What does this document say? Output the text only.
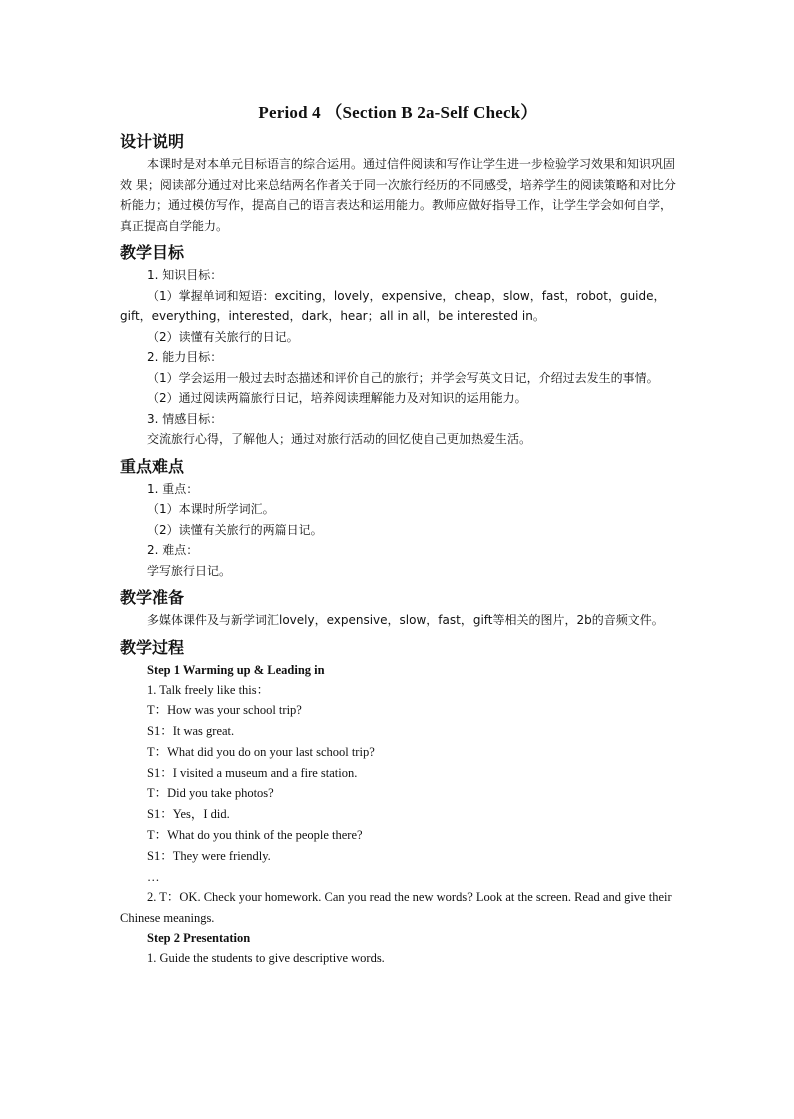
Period 4 （Section B 2a-Self Check）
设计说明

本课时是对本单元目标语言的综合运用。通过信件阅读和写作让学生进一步检验学习效果和知识巩固效 果；阅读部分通过对比来总结两名作者关于同一次旅行经历的不同感受，培养学生的阅读策略和对比分析能力；通过模仿写作，提高自己的语言表达和运用能力。教师应做好指导工作，让学生学会如何自学，真正提高自学能力。

教学目标

1. 知识目标：

（1）掌握单词和短语：exciting，lovely，expensive，cheap，slow，fast，robot，guide，gift，everything，interested，dark，hear；all in all，be interested in。

（2）读懂有关旅行的日记。

2. 能力目标：

（1）学会运用一般过去时态描述和评价自己的旅行；并学会写英文日记，介绍过去发生的事情。

（2）通过阅读两篇旅行日记，培养阅读理解能力及对知识的运用能力。

3. 情感目标：

交流旅行心得，了解他人；通过对旅行活动的回忆使自己更加热爱生活。

重点难点

1. 重点：

（1）本课时所学词汇。

（2）读懂有关旅行的两篇日记。

2. 难点：

学写旅行日记。

教学准备

多媒体课件及与新学词汇lovely，expensive，slow，fast，gift等相关的图片，2b的音频文件。

教学过程
Step 1 Warming up & Leading in

1. Talk freely like this：

T：How was your school trip?

S1：It was great.

T：What did you do on your last school trip?

S1：I visited a museum and a fire station.

T：Did you take photos?

S1：Yes，I did.

T：What do you think of the people there?

S1：They were friendly.

…

2. T：OK. Check your homework. Can you read the new words? Look at the screen. Read and give their Chinese meanings.

Step 2 Presentation

1. Guide the students to give descriptive words.
